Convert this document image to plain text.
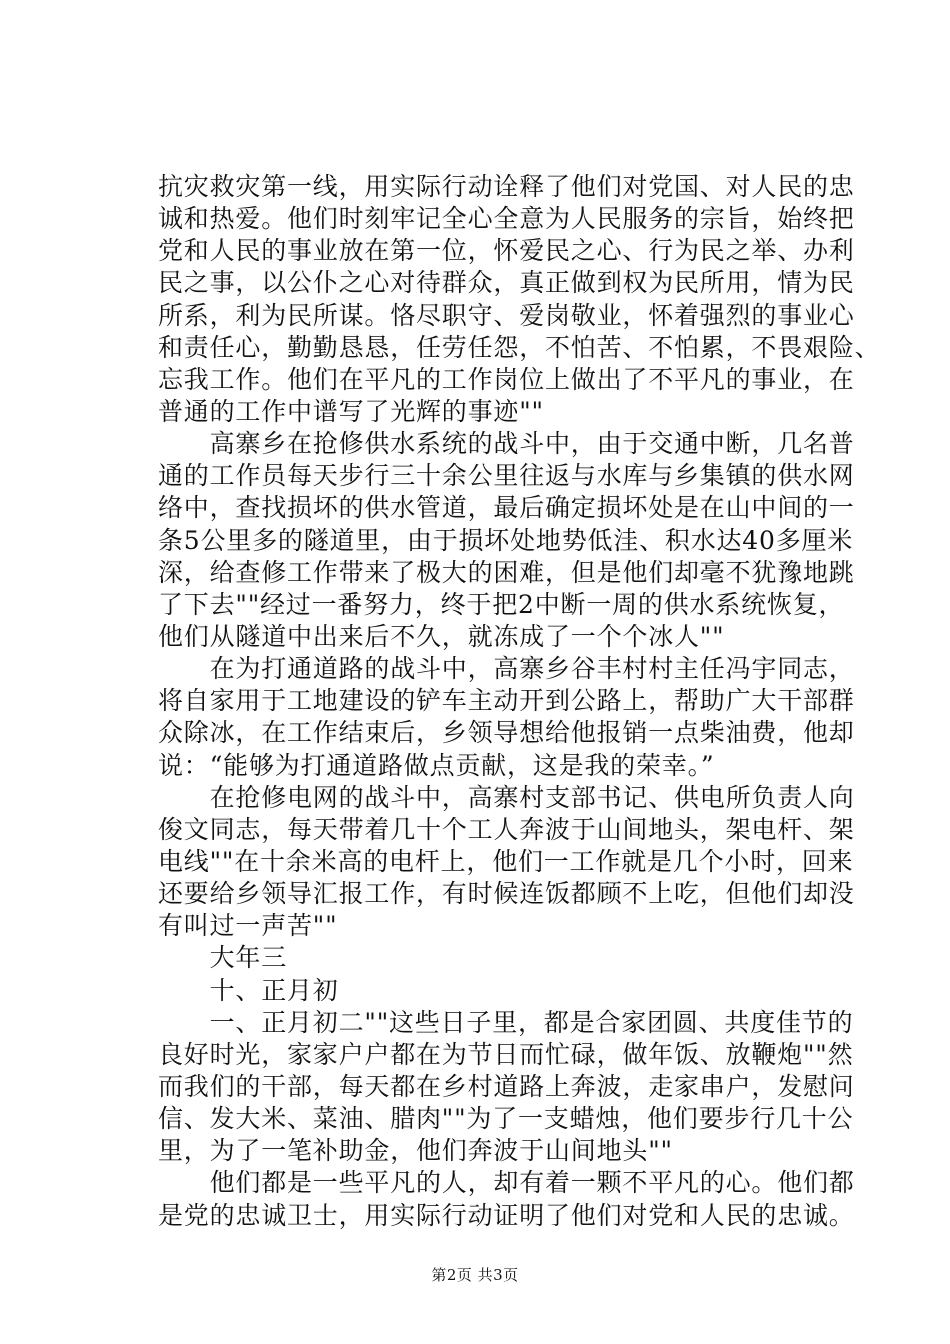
抗灾救灾第一线，用实际行动诠释了他们对党国、对人民的忠
诚和热爱。他们时刻牢记全心全意为人民服务的宗旨，始终把
党和人民的事业放在第一位，怀爱民之心、行为民之举、办利
民之事，以公仆之心对待群众，真正做到权为民所用，情为民
所系，利为民所谋。恪尽职守、爱岗敬业，怀着强烈的事业心
和责任心，勤勤恳恳，任劳任怨，不怕苦、不怕累，不畏艰险、
忘我工作。他们在平凡的工作岗位上做出了不平凡的事业，在
普通的工作中谱写了光辉的事迹""
　　高寨乡在抢修供水系统的战斗中，由于交通中断，几名普
通的工作员每天步行三十余公里往返与水库与乡集镇的供水网
络中，查找损坏的供水管道，最后确定损坏处是在山中间的一
条5公里多的隧道里，由于损坏处地势低洼、积水达40多厘米
深，给查修工作带来了极大的困难，但是他们却毫不犹豫地跳
了下去""经过一番努力，终于把2中断一周的供水系统恢复，
他们从隧道中出来后不久，就冻成了一个个冰人""
　　在为打通道路的战斗中，高寨乡谷丰村村主任冯宇同志，
将自家用于工地建设的铲车主动开到公路上，帮助广大干部群
众除冰，在工作结束后，乡领导想给他报销一点柴油费，他却
说：“能够为打通道路做点贡献，这是我的荣幸。”
　　在抢修电网的战斗中，高寨村支部书记、供电所负责人向
俊文同志，每天带着几十个工人奔波于山间地头，架电杆、架
电线""在十余米高的电杆上，他们一工作就是几个小时，回来
还要给乡领导汇报工作，有时候连饭都顾不上吃，但他们却没
有叫过一声苦""
　　大年三
　　十、正月初
　　一、正月初二""这些日子里，都是合家团圆、共度佳节的
良好时光，家家户户都在为节日而忙碌，做年饭、放鞭炮""然
而我们的干部，每天都在乡村道路上奔波，走家串户，发慰问
信、发大米、菜油、腊肉""为了一支蜡烛，他们要步行几十公
里，为了一笔补助金，他们奔波于山间地头""
　　他们都是一些平凡的人，却有着一颗不平凡的心。他们都
是党的忠诚卫士，用实际行动证明了他们对党和人民的忠诚。
第2页 共3页
